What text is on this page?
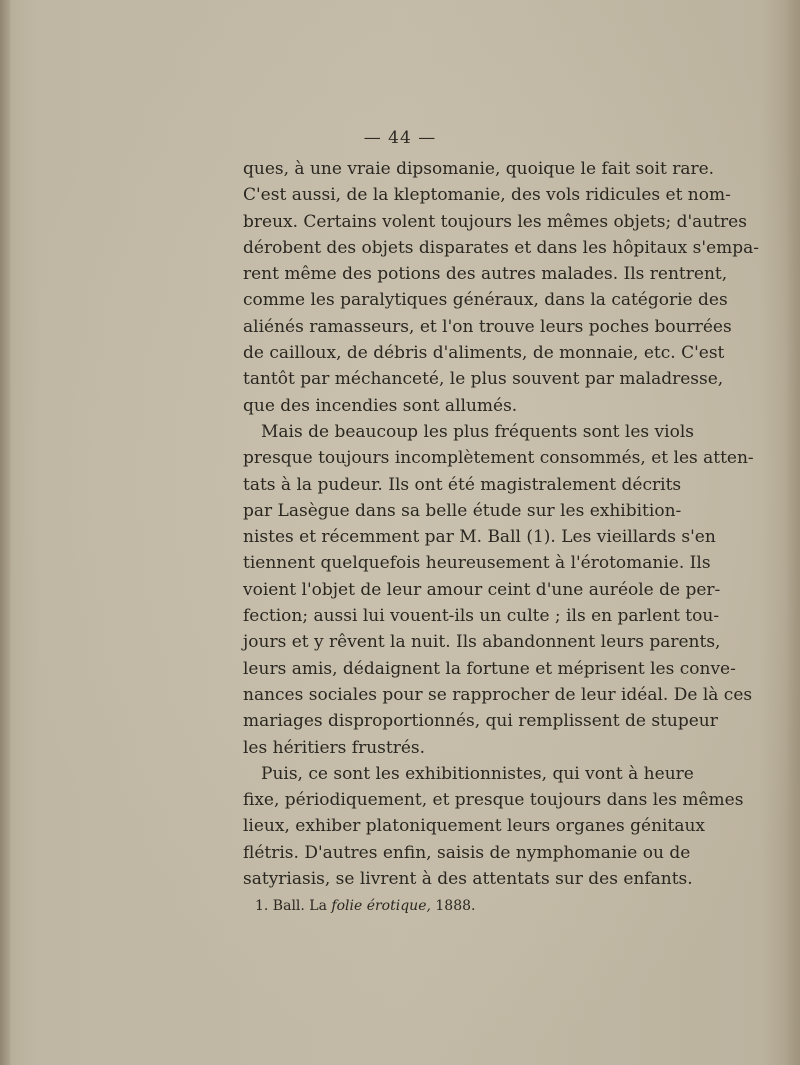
— 44 —
ques, à une vraie dipsomanie, quoique le fait soit rare.
C'est aussi, de la kleptomanie, des vols ridicules et nom-
breux. Certains volent toujours les mêmes objets; d'autres
dérobent des objets disparates et dans les hôpitaux s'empa-
rent même des potions des autres malades. Ils rentrent,
comme les paralytiques généraux, dans la catégorie des
aliénés ramasseurs, et l'on trouve leurs poches bourrées
de cailloux, de débris d'aliments, de monnaie, etc. C'est
tantôt par méchanceté, le plus souvent par maladresse,
que des incendies sont allumés.
Mais de beaucoup les plus fréquents sont les viols
presque toujours incomplètement consommés, et les atten-
tats à la pudeur. Ils ont été magistralement décrits
par Lasègue dans sa belle étude sur les exhibition-
nistes et récemment par M. Ball (1). Les vieillards s'en
tiennent quelquefois heureusement à l'érotomanie. Ils
voient l'objet de leur amour ceint d'une auréole de per-
fection; aussi lui vouent-ils un culte ; ils en parlent tou-
jours et y rêvent la nuit. Ils abandonnent leurs parents,
leurs amis, dédaignent la fortune et méprisent les conve-
nances sociales pour se rapprocher de leur idéal. De là ces
mariages disproportionnés, qui remplissent de stupeur
les héritiers frustrés.
Puis, ce sont les exhibitionnistes, qui vont à heure
fixe, périodiquement, et presque toujours dans les mêmes
lieux, exhiber platoniquement leurs organes génitaux
flétris. D'autres enfin, saisis de nymphomanie ou de
satyriasis, se livrent à des attentats sur des enfants.
1. Ball. La folie érotique, 1888.
